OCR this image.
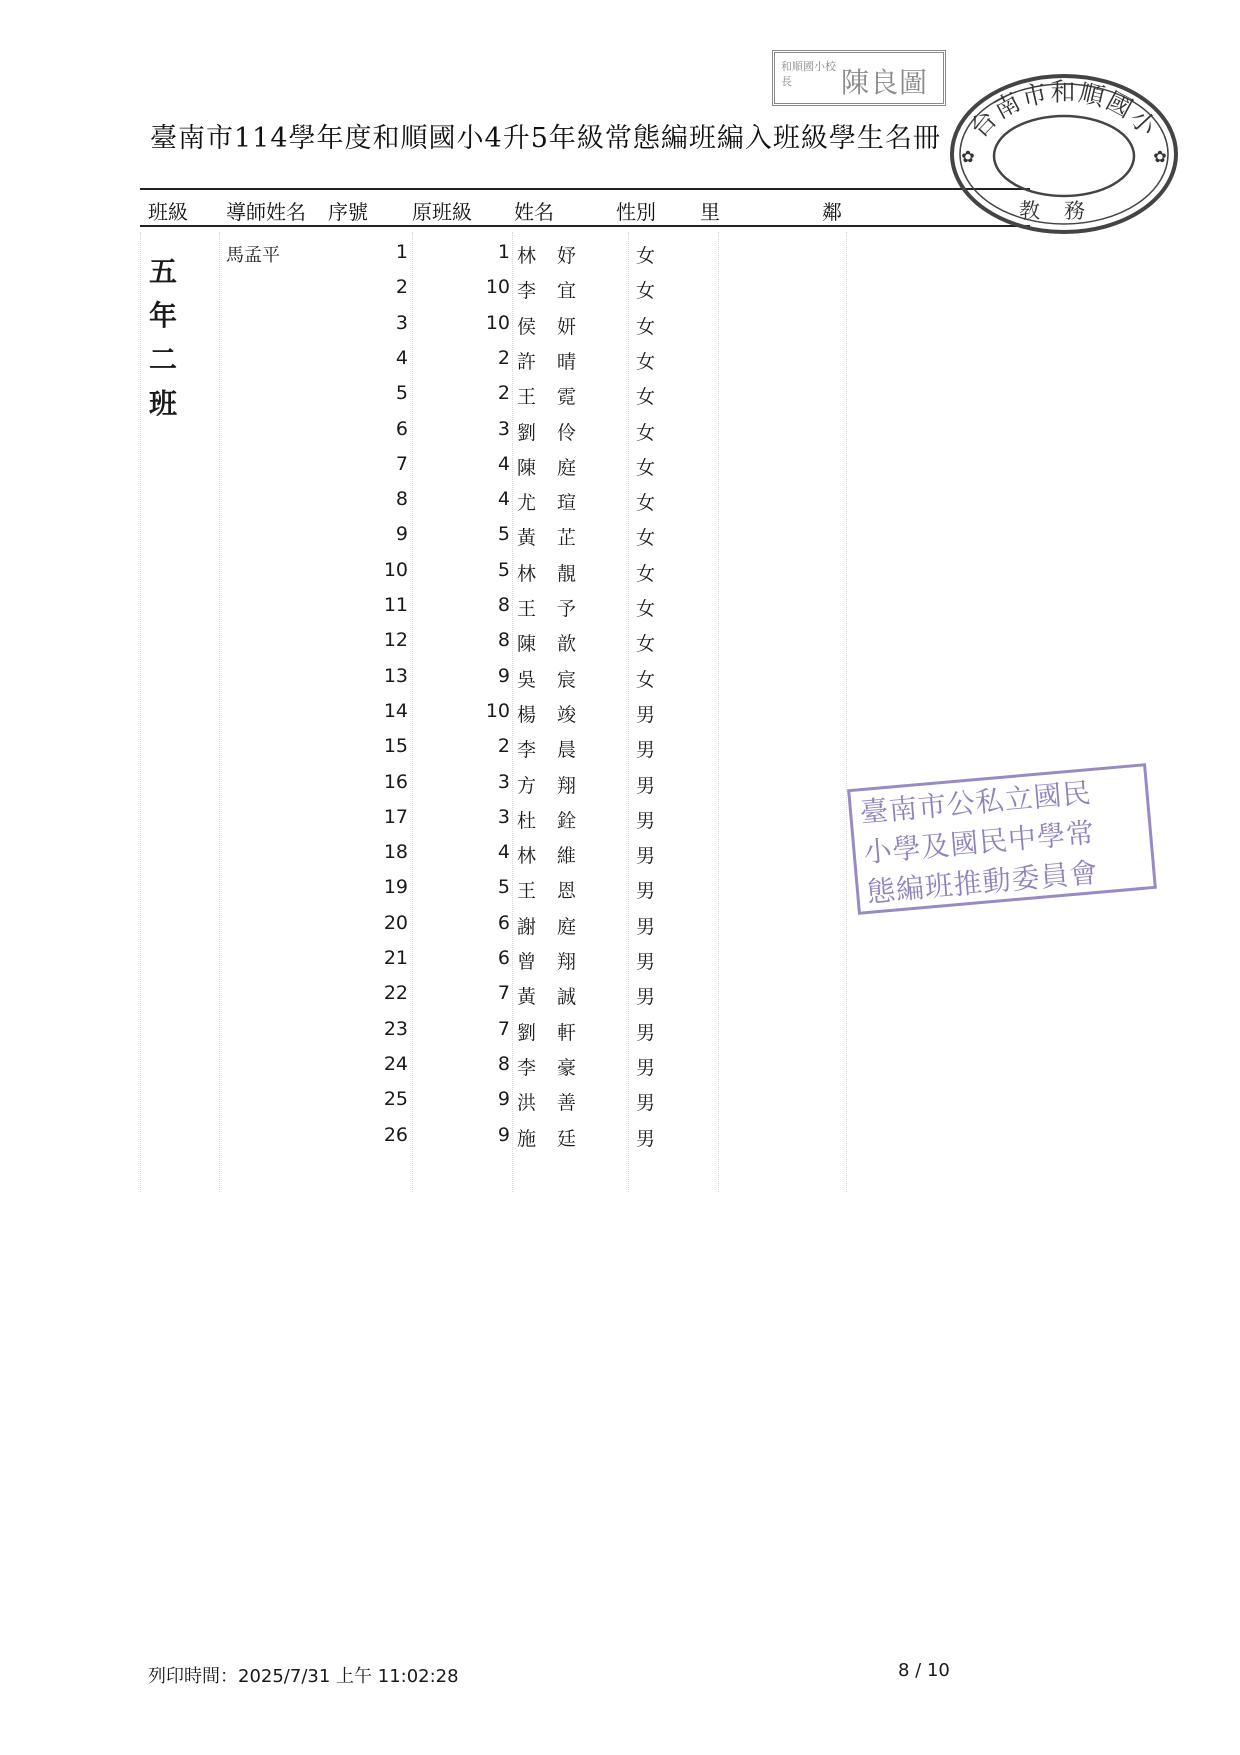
臺南市114學年度和順國小4升5年級常態編班編入班級學生名冊
班級 導師姓名 序號 原班級 姓名	性別 里	鄰
五
年
二
班
馬孟平	1	1 林 妤	女
2	10 李 宜	女
3	10 侯 妍	女
4	2 許 晴	女
5	2 王 霓	女
6	3 劉 伶	女
7	4 陳 庭	女
8	4 尤 瑄	女
9	5 黃 芷	女
10	5 林 靚	女
11	8 王 予	女
12	8 陳 歆	女
13	9 吳 宸	女
14	10 楊 竣	男
15	2 李 晨	男
16	3 方 翔	男
17	3 杜 銓	男
18	4 林 維	男
19	5 王 恩	男
20	6 謝 庭	男
21	6 曾 翔	男
22	7 黃 誠	男
23	7 劉 軒	男
24	8 李 豪	男
25	9 洪 善	男
26	9 施 廷	男
列印時間：2025/7/31 上午 11:02:28	8 / 10
和順國小校長	陳良圖
台南市和順國小
教務
✿	✿
臺南市公私立國民
小學及國民中學常
態編班推動委員會
